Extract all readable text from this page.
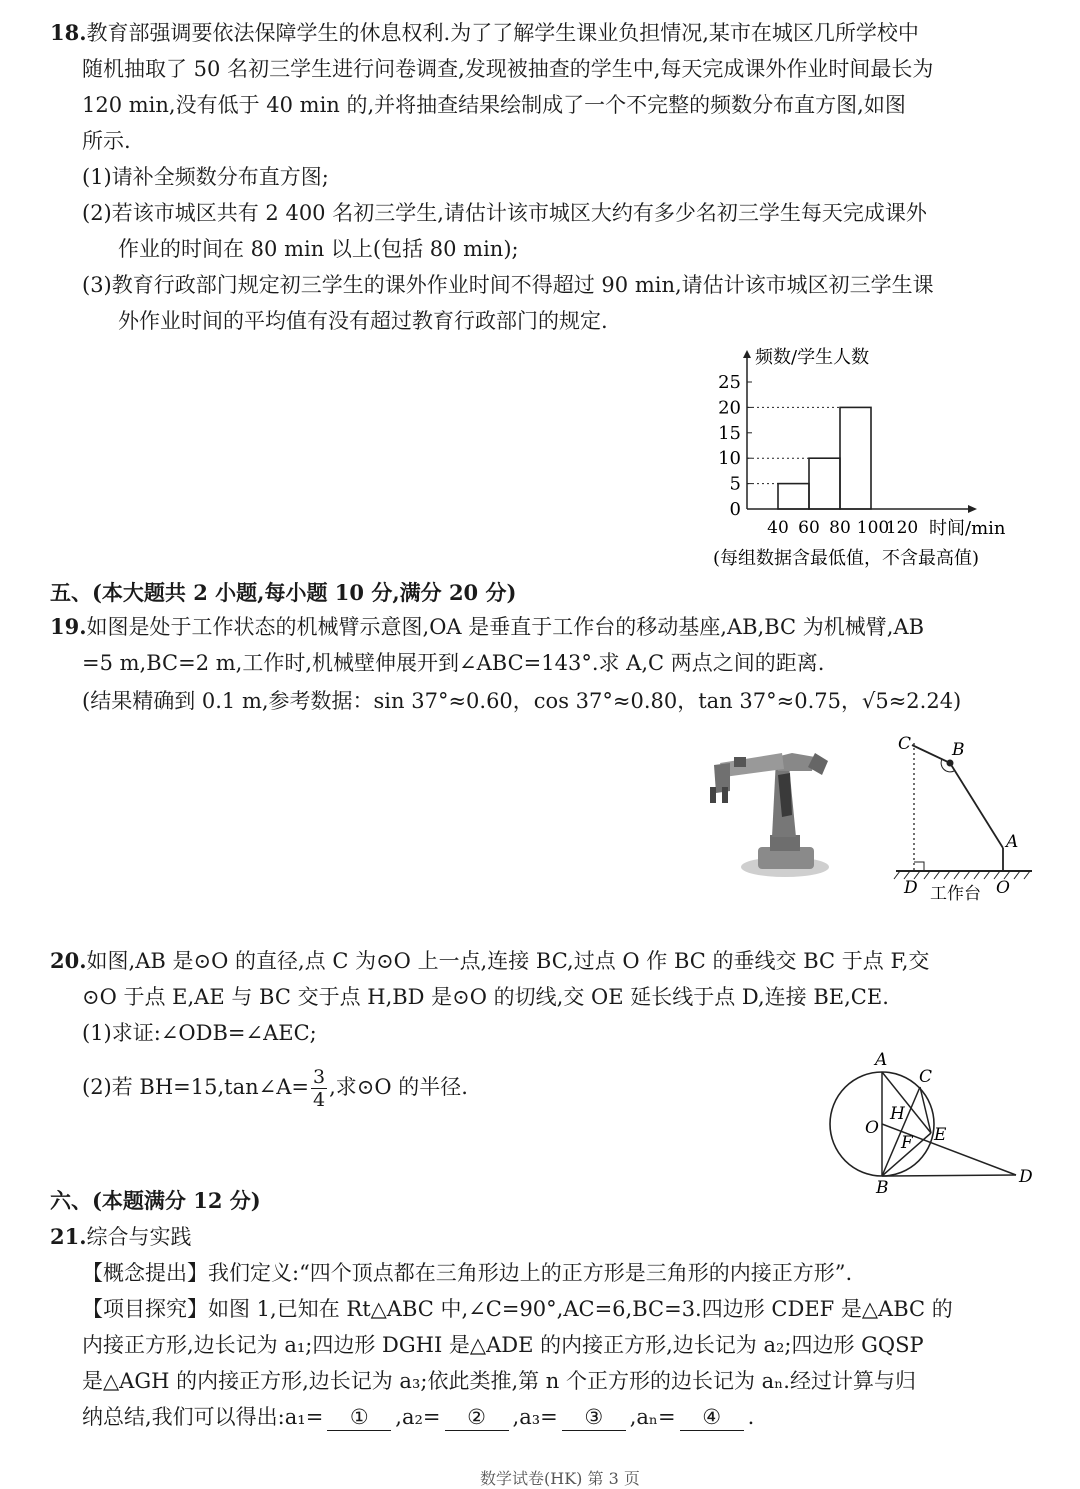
18.教育部强调要依法保障学生的休息权利.为了了解学生课业负担情况,某市在城区几所学校中
随机抽取了 50 名初三学生进行问卷调查,发现被抽查的学生中,每天完成课外作业时间最长为
120 min,没有低于 40 min 的,并将抽查结果绘制成了一个不完整的频数分布直方图,如图
所示.
(1)请补全频数分布直方图;
(2)若该市城区共有 2 400 名初三学生,请估计该市城区大约有多少名初三学生每天完成课外
作业的时间在 80 min 以上(包括 80 min);
(3)教育行政部门规定初三学生的课外作业时间不得超过 90 min,请估计该市城区初三学生课
外作业时间的平均值有没有超过教育行政部门的规定.
0
5
10
15
20
25
40 60 80 100
120
频数/学生人数
时间/min
(每组数据含最低值，不含最高值)
五、(本大题共 2 小题,每小题 10 分,满分 20 分)
19.如图是处于工作状态的机械臂示意图,OA 是垂直于工作台的移动基座,AB,BC 为机械臂,AB
=5 m,BC=2 m,工作时,机械壁伸展开到∠ABC=143°.求 A,C 两点之间的距离.
(结果精确到 0.1 m,参考数据：sin 37°≈0.60，cos 37°≈0.80，tan 37°≈0.75，√5≈2.24)
C B
A
D	O
工作台
20.如图,AB 是⊙O 的直径,点 C 为⊙O 上一点,连接 BC,过点 O 作 BC 的垂线交 BC 于点 F,交
⊙O 于点 E,AE 与 BC 交于点 H,BD 是⊙O 的切线,交 OE 延长线于点 D,连接 BE,CE.
(1)求证:∠ODB=∠AEC;
(2)若 BH=15,tan∠A= $\frac{3}{4}$ ,求⊙O 的半径.
A
C
H
O
F E
B
D
六、(本题满分 12 分)
21.综合与实践
【概念提出】我们定义:“四个顶点都在三角形边上的正方形是三角形的内接正方形”.
【项目探究】如图 1,已知在 Rt△ABC 中,∠C=90°,AC=6,BC=3.四边形 CDEF 是△ABC 的
内接正方形,边长记为 a₁;四边形 DGHI 是△ADE 的内接正方形,边长记为 a₂;四边形 GQSP
是△AGH 的内接正方形,边长记为 a₃;依此类推,第 n 个正方形的边长记为 aₙ.经过计算与归
纳总结,我们可以得出:a₁= ① ,a₂= ② ,a₃= ③ ,aₙ= ④ .
数学试卷(HK) 第 3 页
